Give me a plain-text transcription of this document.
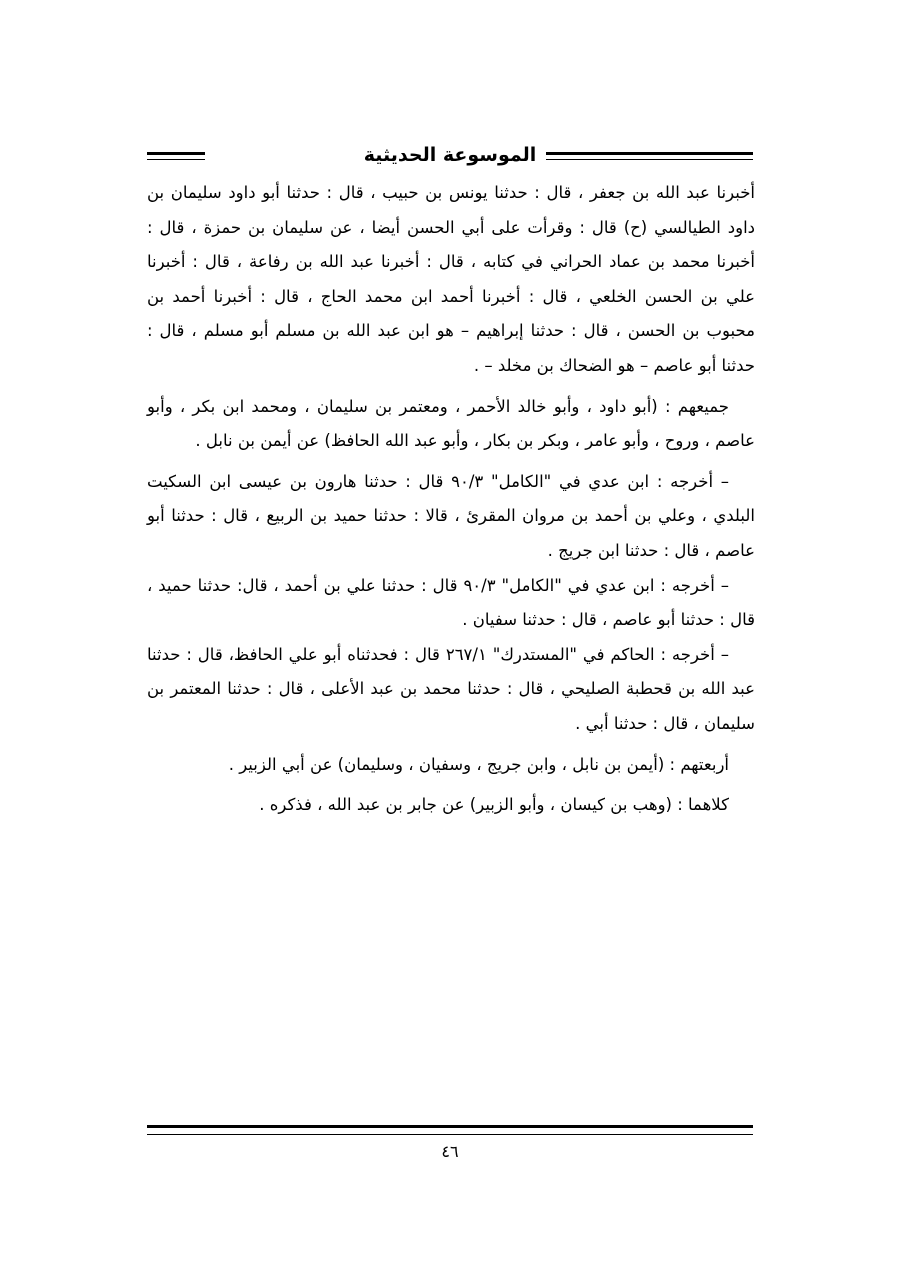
الموسوعة الحديثية

أخبرنا عبد الله بن جعفر ، قال : حدثنا يونس بن حبيب ، قال : حدثنا أبو داود سليمان بن داود الطيالسي (ح) قال : وقرأت على أبي الحسن أيضا ، عن سليمان بن حمزة ، قال : أخبرنا محمد بن عماد الحراني في كتابه ، قال : أخبرنا عبد الله بن رفاعة ، قال : أخبرنا علي بن الحسن الخلعي ، قال : أخبرنا أحمد ابن محمد الحاج ، قال : أخبرنا أحمد بن محبوب بن الحسن ، قال : حدثنا إبراهيم – هو ابن عبد الله بن مسلم أبو مسلم ، قال : حدثنا أبو عاصم – هو الضحاك بن مخلد – .

جميعهم : (أبو داود ، وأبو خالد الأحمر ، ومعتمر بن سليمان ، ومحمد ابن بكر ، وأبو عاصم ، وروح ، وأبو عامر ، وبكر بن بكار ، وأبو عبد الله الحافظ) عن أيمن بن نابل .

– أخرجه : ابن عدي في "الكامل" ٩٠/٣ قال : حدثنا هارون بن عيسى ابن السكيت البلدي ، وعلي بن أحمد بن مروان المقرئ ، قالا : حدثنا حميد بن الربيع ، قال : حدثنا أبو عاصم ، قال : حدثنا ابن جريج .

– أخرجه : ابن عدي في "الكامل" ٩٠/٣ قال : حدثنا علي بن أحمد ، قال: حدثنا حميد ، قال : حدثنا أبو عاصم ، قال : حدثنا سفيان .

– أخرجه : الحاكم في "المستدرك" ٢٦٧/١ قال : فحدثناه أبو علي الحافظ، قال : حدثنا عبد الله بن قحطبة الصليحي ، قال : حدثنا محمد بن عبد الأعلى ، قال : حدثنا المعتمر بن سليمان ، قال : حدثنا أبي .

أربعتهم : (أيمن بن نابل ، وابن جريج ، وسفيان ، وسليمان) عن أبي الزبير .

كلاهما : (وهب بن كيسان ، وأبو الزبير) عن جابر بن عبد الله ، فذكره .

٤٦
